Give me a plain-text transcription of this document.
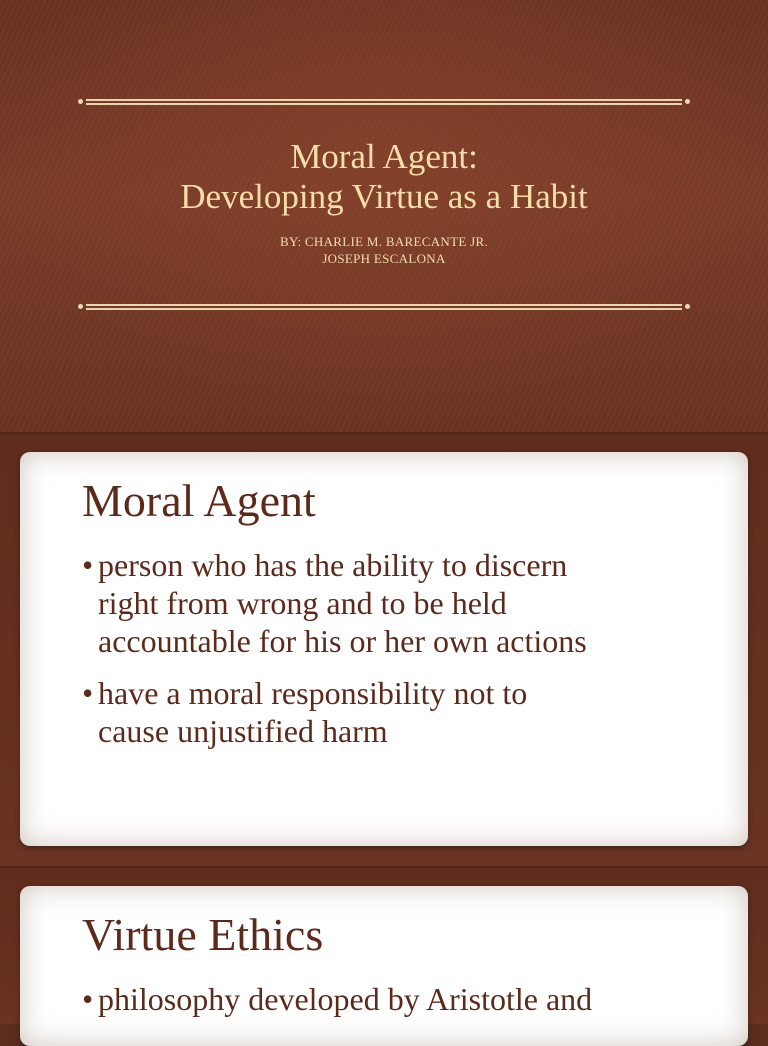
Moral Agent:
Developing Virtue as a Habit
BY: CHARLIE M. BARECANTE JR.
JOSEPH ESCALONA
Moral Agent
• person who has the ability to discern
right from wrong and to be held
accountable for his or her own actions
• have a moral responsibility not to
cause unjustified harm
Virtue Ethics
• philosophy developed by Aristotle and
